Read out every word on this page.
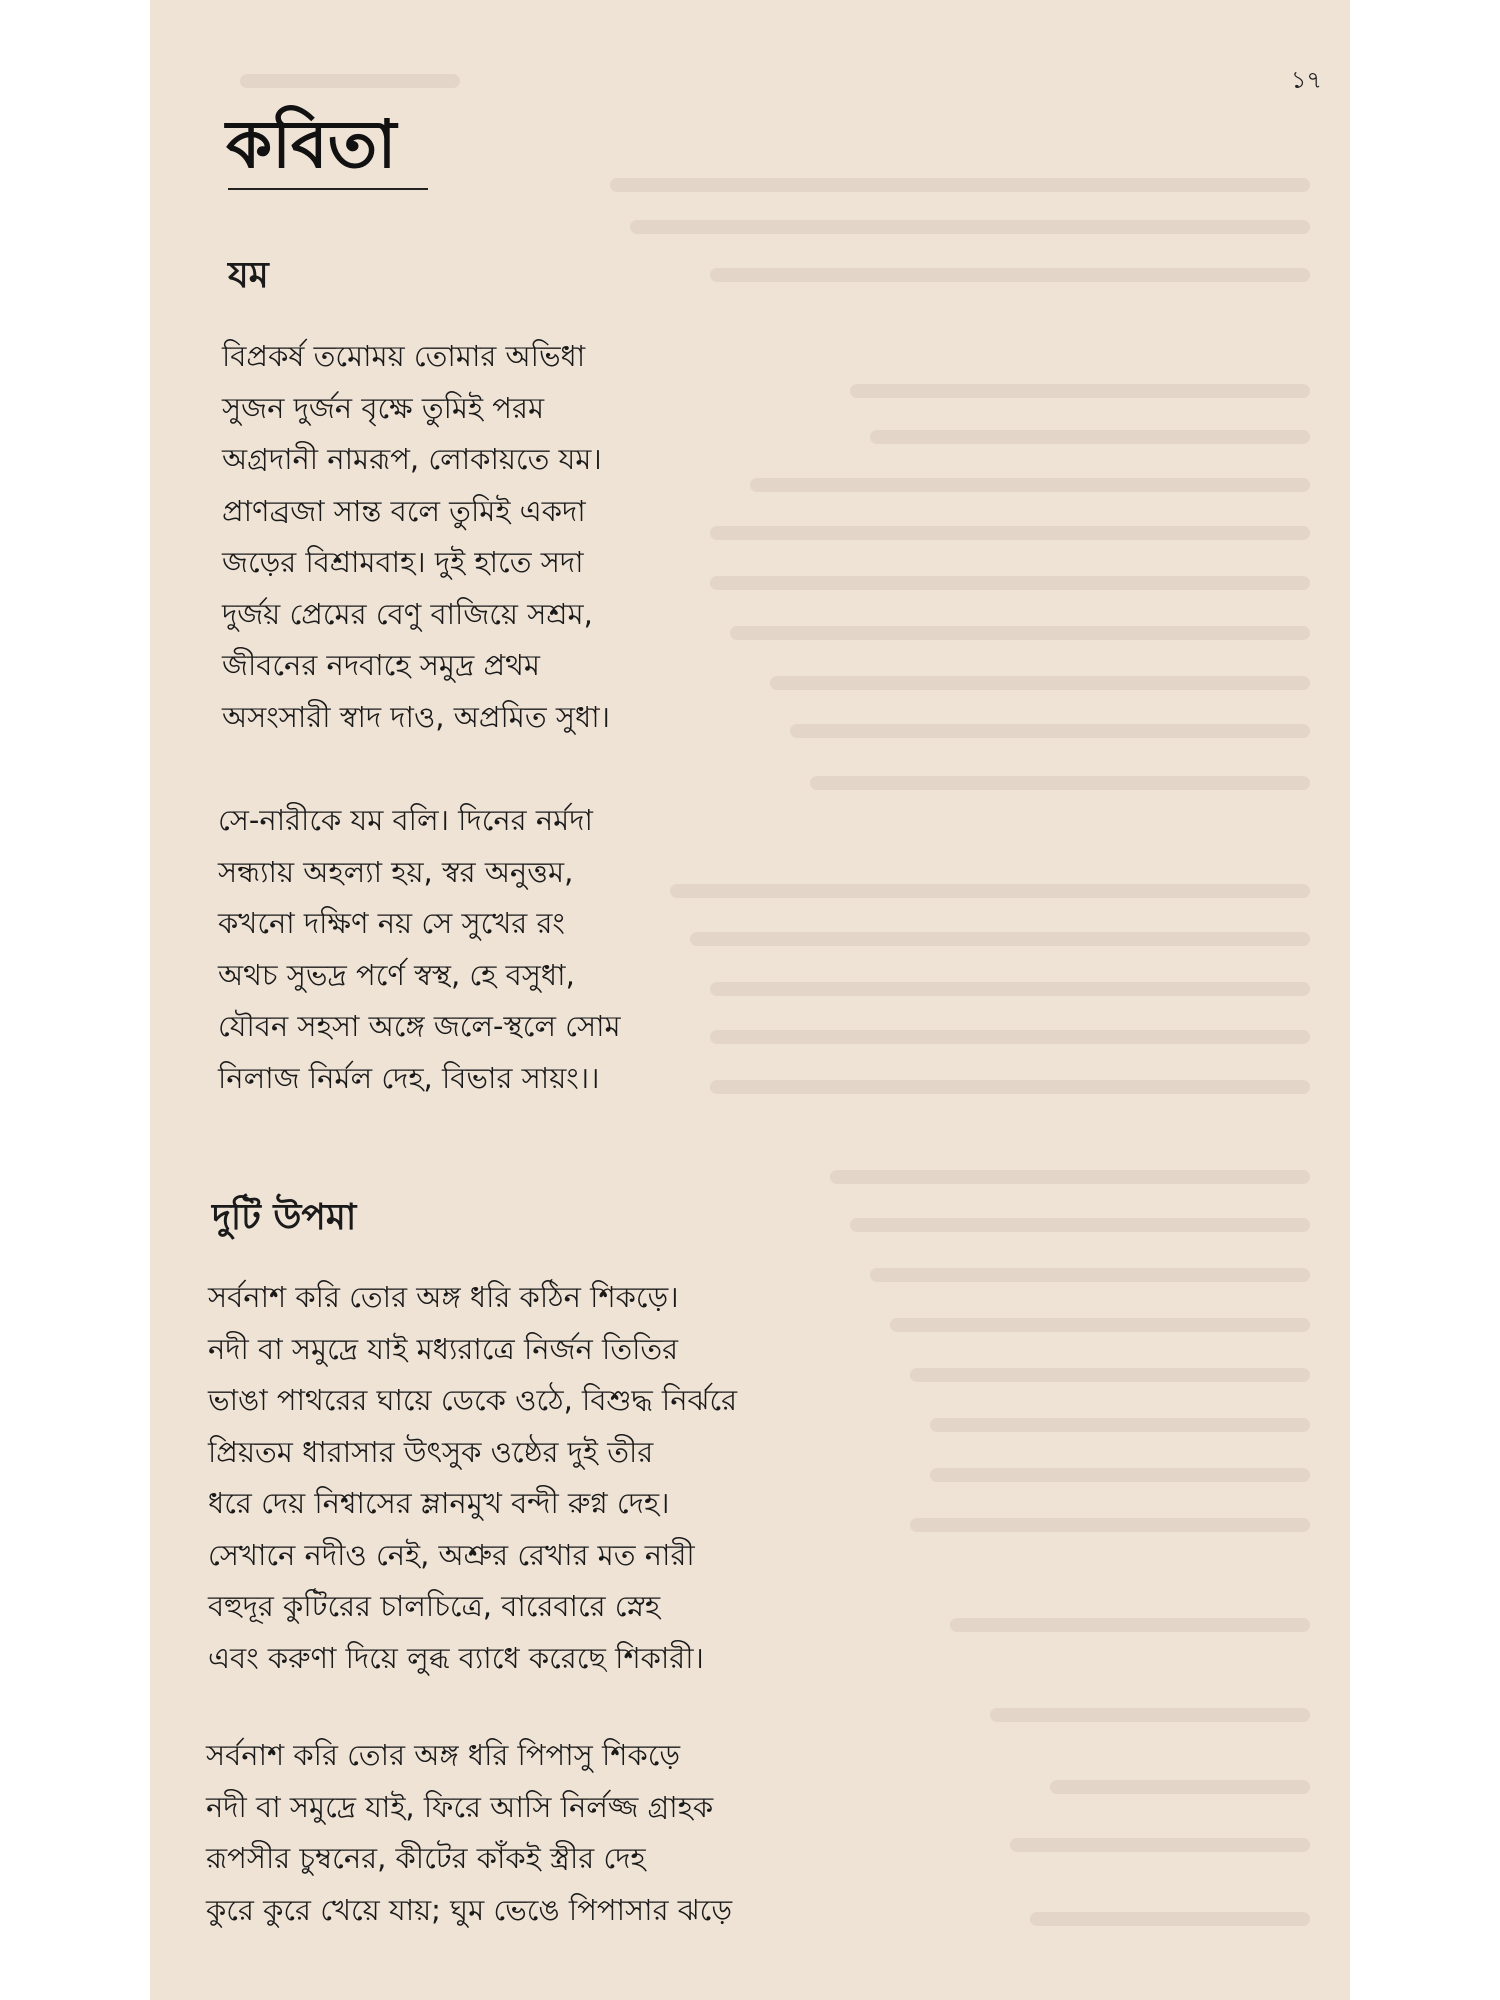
১৭
কবিতা
যম
বিপ্রকর্ষ তমোময় তোমার অভিধা
সুজন দুর্জন বৃক্ষে তুমিই পরম
অগ্রদানী নামরূপ, লোকায়তে যম।
প্রাণব্রজা সান্ত বলে তুমিই একদা
জড়ের বিশ্রামবাহ। দুই হাতে সদা
দুর্জয় প্রেমের বেণু বাজিয়ে সশ্রম,
জীবনের নদবাহে সমুদ্র প্রথম
অসংসারী স্বাদ দাও, অপ্রমিত সুধা।
সে-নারীকে যম বলি। দিনের নর্মদা
সন্ধ্যায় অহল্যা হয়, স্বর অনুত্তম,
কখনো দক্ষিণ নয় সে সুখের রং
অথচ সুভদ্র পর্ণে স্বস্থ, হে বসুধা,
যৌবন সহসা অঙ্গে জলে-স্থলে সোম
নিলাজ নির্মল দেহ, বিভার সায়ং।।
দুটি উপমা
সর্বনাশ করি তোর অঙ্গ ধরি কঠিন শিকড়ে।
নদী বা সমুদ্রে যাই মধ্যরাত্রে নির্জন তিতির
ভাঙা পাথরের ঘায়ে ডেকে ওঠে, বিশুদ্ধ নির্ঝরে
প্রিয়তম ধারাসার উৎসুক ওষ্ঠের দুই তীর
ধরে দেয় নিশ্বাসের ম্লানমুখ বন্দী রুগ্ন দেহ।
সেখানে নদীও নেই, অশ্রুর রেখার মত নারী
বহুদূর কুটিরের চালচিত্রে, বারেবারে স্নেহ
এবং করুণা দিয়ে লুব্ধ ব্যাধে করেছে শিকারী।
সর্বনাশ করি তোর অঙ্গ ধরি পিপাসু শিকড়ে
নদী বা সমুদ্রে যাই, ফিরে আসি নির্লজ্জ গ্রাহক
রূপসীর চুম্বনের, কীটের কাঁকই স্ত্রীর দেহ
কুরে কুরে খেয়ে যায়; ঘুম ভেঙে পিপাসার ঝড়ে
